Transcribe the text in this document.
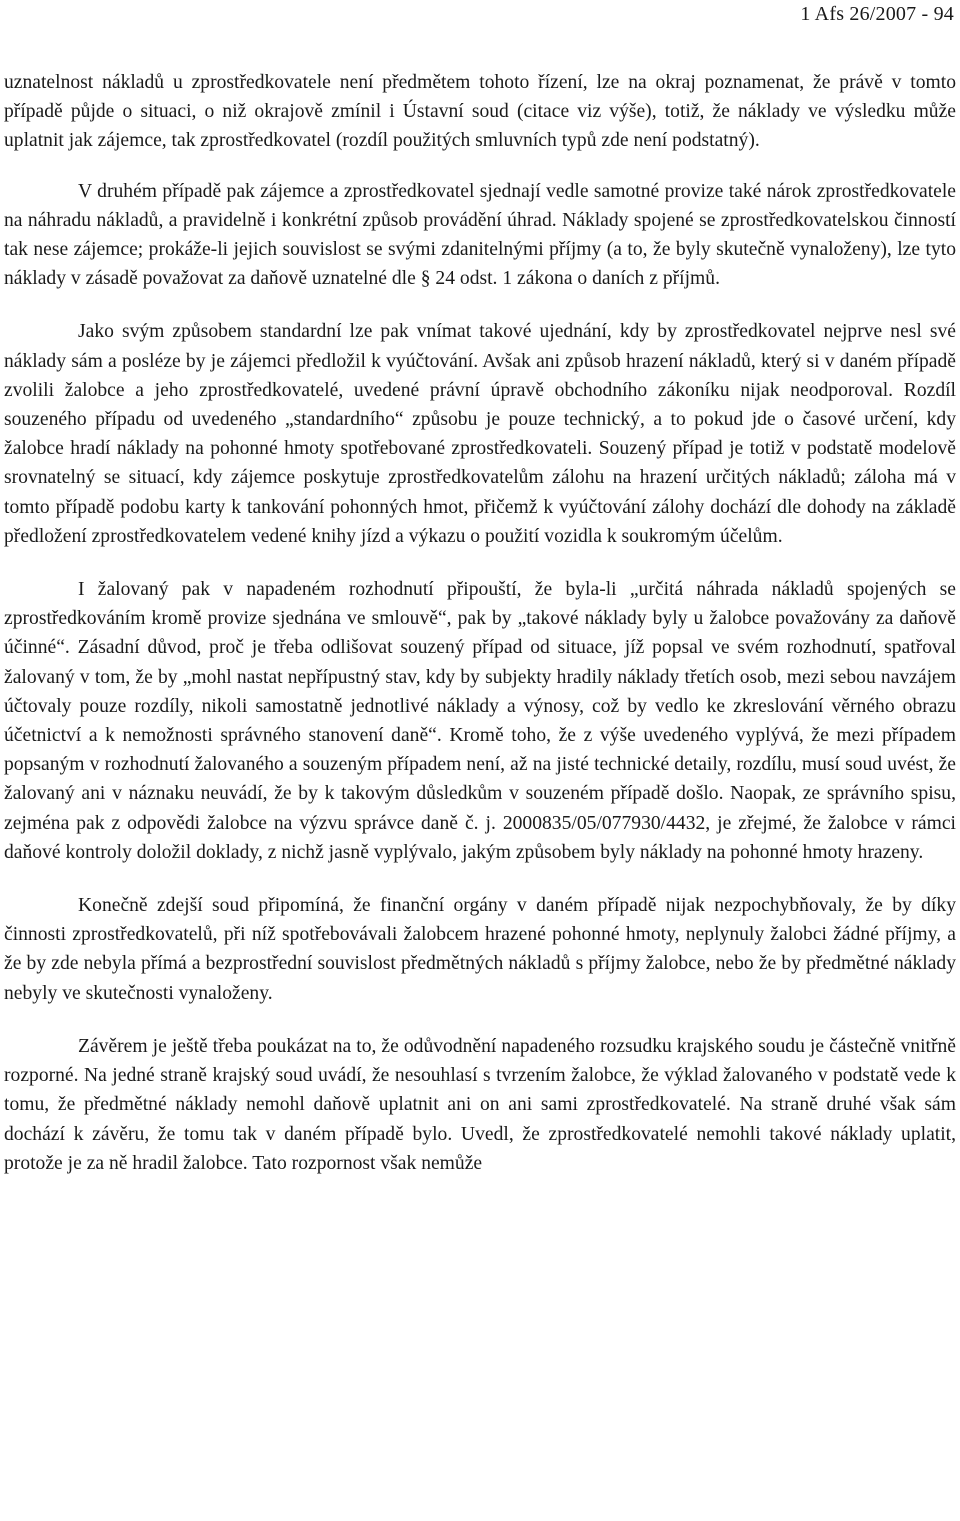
1 Afs 26/2007 - 94

uznatelnost nákladů u zprostředkovatele není předmětem tohoto řízení, lze na okraj poznamenat, že právě v tomto případě půjde o situaci, o niž okrajově zmínil i Ústavní soud (citace viz výše), totiž, že náklady ve výsledku může uplatnit jak zájemce, tak zprostředkovatel (rozdíl použitých smluvních typů zde není podstatný).

V druhém případě pak zájemce a zprostředkovatel sjednají vedle samotné provize také nárok zprostředkovatele na náhradu nákladů, a pravidelně i konkrétní způsob provádění úhrad. Náklady spojené se zprostředkovatelskou činností tak nese zájemce; prokáže-li jejich souvislost se svými zdanitelnými příjmy (a to, že byly skutečně vynaloženy), lze tyto náklady v zásadě považovat za daňově uznatelné dle § 24 odst. 1 zákona o daních z příjmů.

Jako svým způsobem standardní lze pak vnímat takové ujednání, kdy by zprostředkovatel nejprve nesl své náklady sám a posléze by je zájemci předložil k vyúčtování. Avšak ani způsob hrazení nákladů, který si v daném případě zvolili žalobce a jeho zprostředkovatelé, uvedené právní úpravě obchodního zákoníku nijak neodporoval. Rozdíl souzeného případu od uvedeného „standardního“ způsobu je pouze technický, a to pokud jde o časové určení, kdy žalobce hradí náklady na pohonné hmoty spotřebované zprostředkovateli. Souzený případ je totiž v podstatě modelově srovnatelný se situací, kdy zájemce poskytuje zprostředkovatelům zálohu na hrazení určitých nákladů; záloha má v tomto případě podobu karty k tankování pohonných hmot, přičemž k vyúčtování zálohy dochází dle dohody na základě předložení zprostředkovatelem vedené knihy jízd a výkazu o použití vozidla k soukromým účelům.

I žalovaný pak v napadeném rozhodnutí připouští, že byla-li „určitá náhrada nákladů spojených se zprostředkováním kromě provize sjednána ve smlouvě“, pak by „takové náklady byly u žalobce považovány za daňově účinné“. Zásadní důvod, proč je třeba odlišovat souzený případ od situace, jíž popsal ve svém rozhodnutí, spatřoval žalovaný v tom, že by „mohl nastat nepřípustný stav, kdy by subjekty hradily náklady třetích osob, mezi sebou navzájem účtovaly pouze rozdíly, nikoli samostatně jednotlivé náklady a výnosy, což by vedlo ke zkreslování věrného obrazu účetnictví a k nemožnosti správného stanovení daně“. Kromě toho, že z výše uvedeného vyplývá, že mezi případem popsaným v rozhodnutí žalovaného a souzeným případem není, až na jisté technické detaily, rozdílu, musí soud uvést, že žalovaný ani v náznaku neuvádí, že by k takovým důsledkům v souzeném případě došlo. Naopak, ze správního spisu, zejména pak z odpovědi žalobce na výzvu správce daně č. j. 2000835/05/077930/4432, je zřejmé, že žalobce v rámci daňové kontroly doložil doklady, z nichž jasně vyplývalo, jakým způsobem byly náklady na pohonné hmoty hrazeny.

Konečně zdejší soud připomíná, že finanční orgány v daném případě nijak nezpochybňovaly, že by díky činnosti zprostředkovatelů, při níž spotřebovávali žalobcem hrazené pohonné hmoty, neplynuly žalobci žádné příjmy, a že by zde nebyla přímá a bezprostřední souvislost předmětných nákladů s příjmy žalobce, nebo že by předmětné náklady nebyly ve skutečnosti vynaloženy.

Závěrem je ještě třeba poukázat na to, že odůvodnění napadeného rozsudku krajského soudu je částečně vnitřně rozporné. Na jedné straně krajský soud uvádí, že nesouhlasí s tvrzením žalobce, že výklad žalovaného v podstatě vede k tomu, že předmětné náklady nemohl daňově uplatnit ani on ani sami zprostředkovatelé. Na straně druhé však sám dochází k závěru, že tomu tak v daném případě bylo. Uvedl, že zprostředkovatelé nemohli takové náklady uplatit, protože je za ně hradil žalobce. Tato rozpornost však nemůže
